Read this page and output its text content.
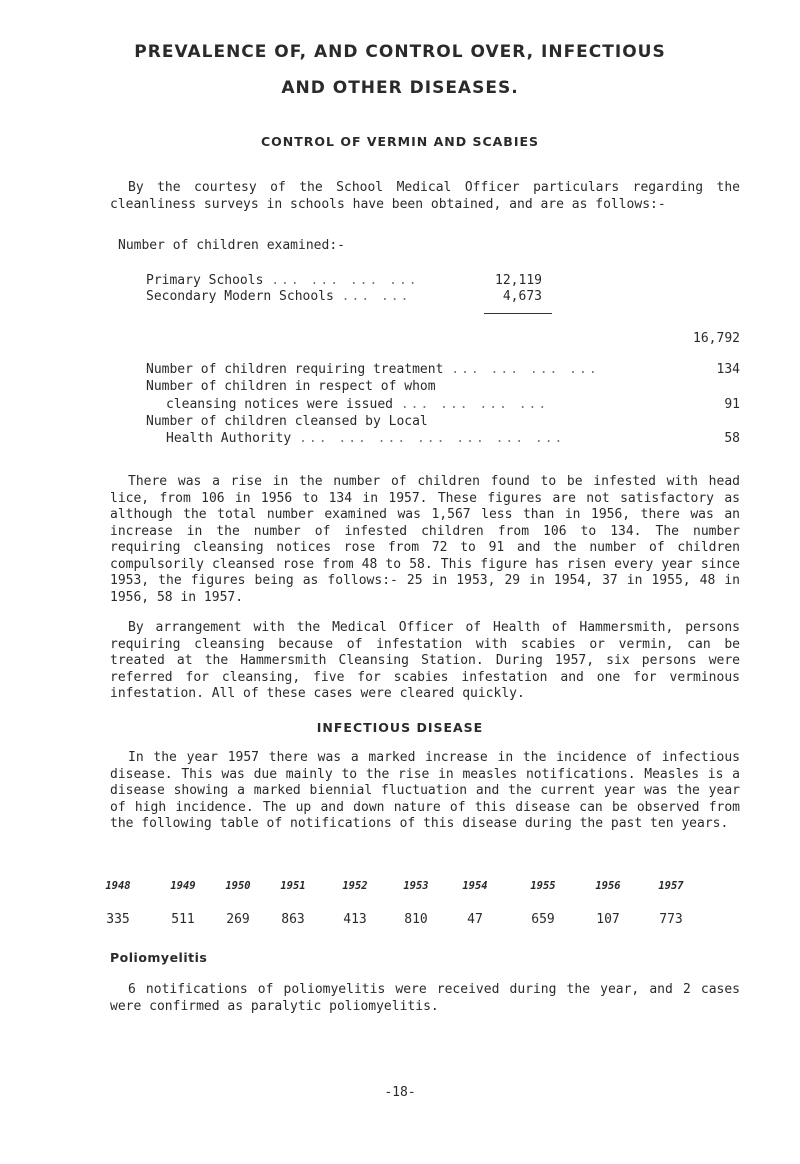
PREVALENCE OF, AND CONTROL OVER, INFECTIOUS
AND OTHER DISEASES.
CONTROL OF VERMIN AND SCABIES
By the courtesy of the School Medical Officer particulars regarding the cleanliness surveys in schools have been obtained, and are as follows:-
Number of children examined:-
Primary Schools ... ... ... ...	12,119
Secondary Modern Schools ... ...	4,673
16,792
Number of children requiring treatment ... ... ... ...	134
Number of children in respect of whom
cleansing notices were issued ... ... ... ...	91
Number of children cleansed by Local
Health Authority ... ... ... ... ... ... ...	58
There was a rise in the number of children found to be infested with head lice, from 106 in 1956 to 134 in 1957. These figures are not satisfactory as although the total number examined was 1,567 less than in 1956, there was an increase in the number of infested children from 106 to 134. The number requiring cleansing notices rose from 72 to 91 and the number of children compulsorily cleansed rose from 48 to 58. This figure has risen every year since 1953, the figures being as follows:- 25 in 1953, 29 in 1954, 37 in 1955, 48 in 1956, 58 in 1957.
By arrangement with the Medical Officer of Health of Hammersmith, persons requiring cleansing because of infestation with scabies or vermin, can be treated at the Hammersmith Cleansing Station. During 1957, six persons were referred for cleansing, five for scabies infestation and one for verminous infestation. All of these cases were cleared quickly.
INFECTIOUS DISEASE
In the year 1957 there was a marked increase in the incidence of infectious disease. This was due mainly to the rise in measles notifications. Measles is a disease showing a marked biennial fluctuation and the current year was the year of high incidence. The up and down nature of this disease can be observed from the following table of notifications of this disease during the past ten years.
1948	1949	1950	1951	1952	1953	1954	1955	1956	1957
335	511	269	863	413	810	47	659	107	773
Poliomyelitis
6 notifications of poliomyelitis were received during the year, and 2 cases were confirmed as paralytic poliomyelitis.
-18-
